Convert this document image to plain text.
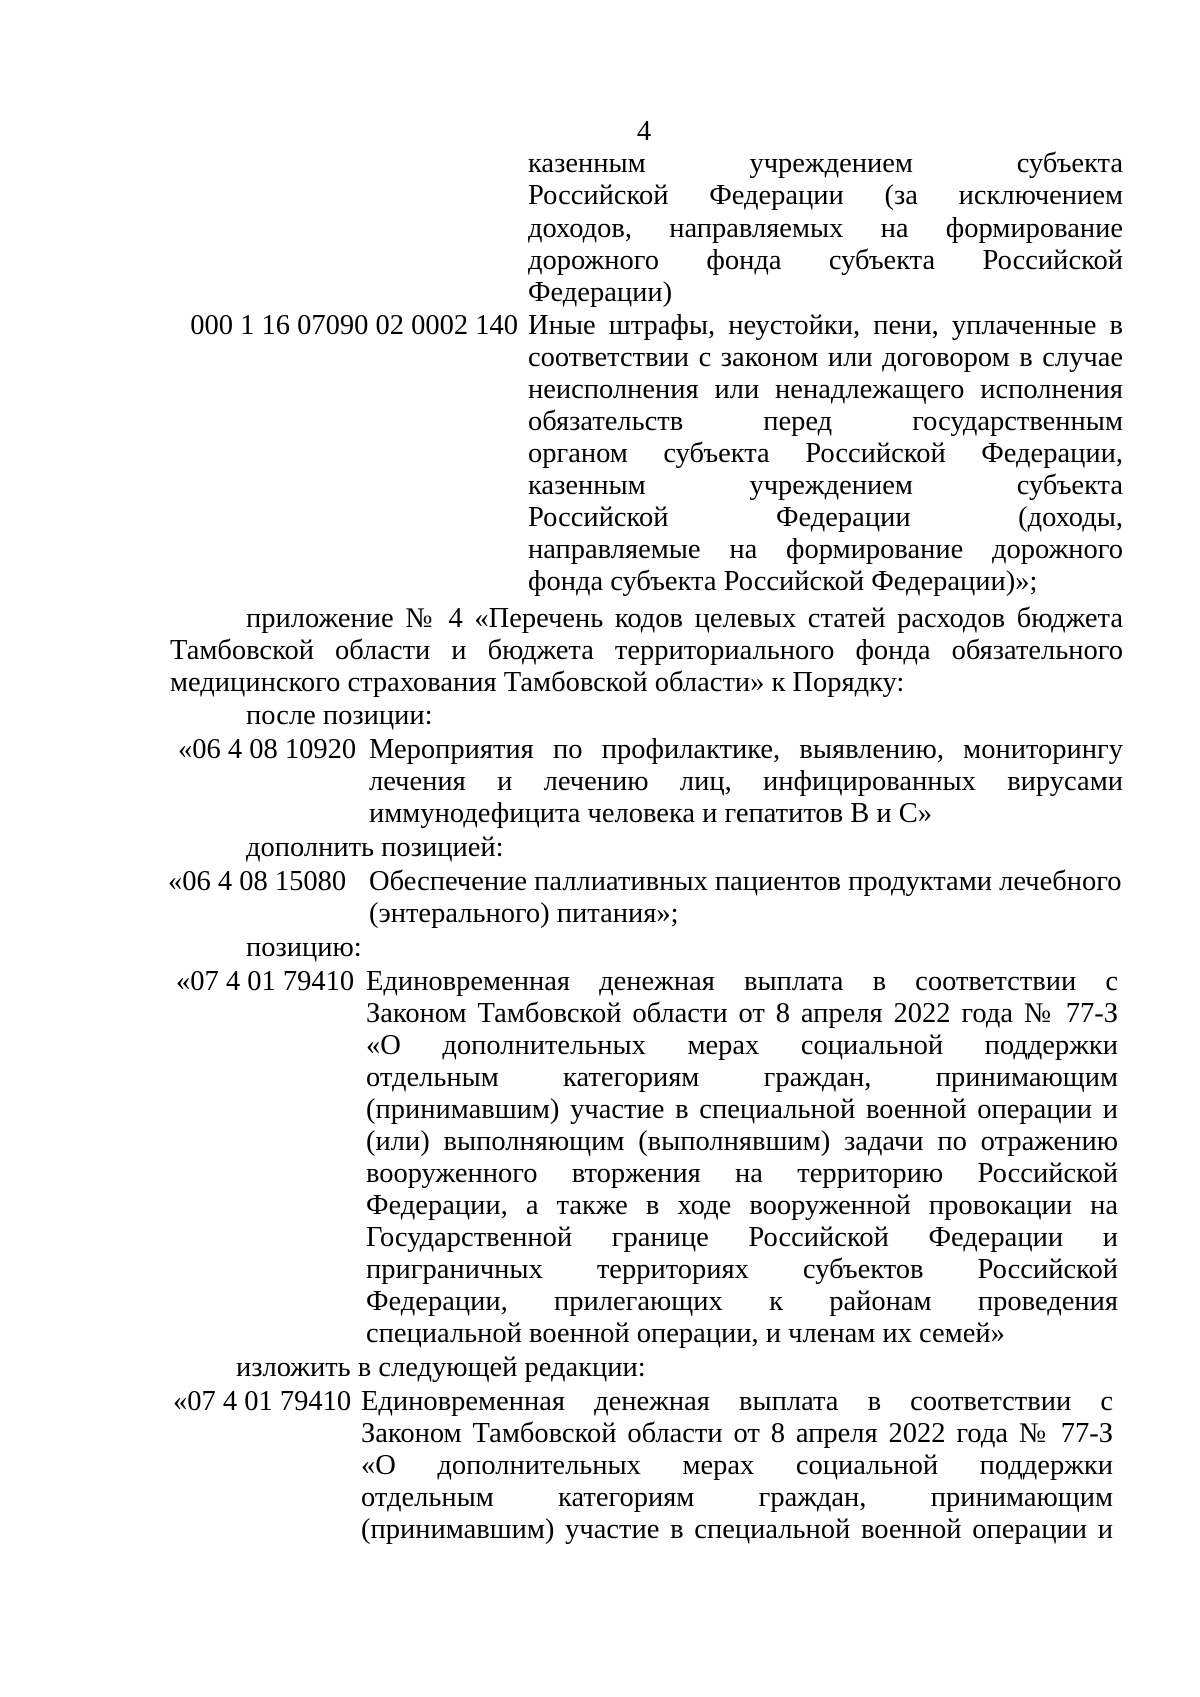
4
казенным учреждением субъекта
Российской Федерации (за исключением
доходов, направляемых на формирование
дорожного фонда субъекта Российской
Федерации)
000 1 16 07090 02 0002 140 Иные штрафы, неустойки, пени, уплаченные в
соответствии с законом или договором в случае
неисполнения или ненадлежащего исполнения
обязательств перед государственным
органом субъекта Российской Федерации,
казенным учреждением субъекта
Российской Федерации (доходы,
направляемые на формирование дорожного
фонда субъекта Российской Федерации)»;
приложение № 4 «Перечень кодов целевых статей расходов бюджета
Тамбовской области и бюджета территориального фонда обязательного
медицинского страхования Тамбовской области» к Порядку:
после позиции:
«06 4 08 10920 Мероприятия по профилактике, выявлению, мониторингу
лечения и лечению лиц, инфицированных вирусами
иммунодефицита человека и гепатитов В и С»
дополнить позицией:
«06 4 08 15080 Обеспечение паллиативных пациентов продуктами лечебного
(энтерального) питания»;
позицию:
«07 4 01 79410 Единовременная денежная выплата в соответствии с
Законом Тамбовской области от 8 апреля 2022 года № 77-З
«О дополнительных мерах социальной поддержки
отдельным категориям граждан, принимающим
(принимавшим) участие в специальной военной операции и
(или) выполняющим (выполнявшим) задачи по отражению
вооруженного вторжения на территорию Российской
Федерации, а также в ходе вооруженной провокации на
Государственной границе Российской Федерации и
приграничных территориях субъектов Российской
Федерации, прилегающих к районам проведения
специальной военной операции, и членам их семей»
изложить в следующей редакции:
«07 4 01 79410 Единовременная денежная выплата в соответствии с
Законом Тамбовской области от 8 апреля 2022 года № 77-З
«О дополнительных мерах социальной поддержки
отдельным категориям граждан, принимающим
(принимавшим) участие в специальной военной операции и
